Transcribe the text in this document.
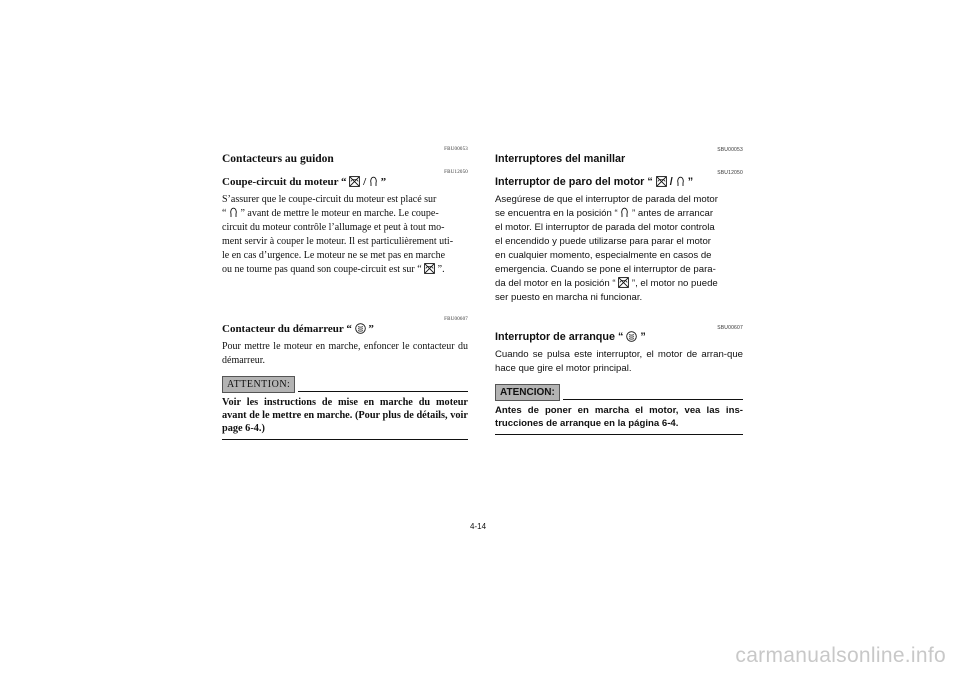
FBU00053
Contacteurs au guidon
FBU12050
Coupe-circuit du moteur “ / ”
S’assurer que le coupe-circuit du moteur est placé sur
“ ” avant de mettre le moteur en marche. Le coupe-
circuit du moteur contrôle l’allumage et peut à tout mo-
ment servir à couper le moteur. Il est particulièrement uti-
le en cas d’urgence. Le moteur ne se met pas en marche
ou ne tourne pas quand son coupe-circuit est sur “ ”.
FBU00607
Contacteur du démarreur “ ”

Pour mettre le moteur en marche, enfoncer le contacteur du démarreur.

ATTENTION:

Voir les instructions de mise en marche du moteur avant de le mettre en marche. (Pour plus de détails, voir page 6-4.)

SBU00053
Interruptores del manillar
SBU12050
Interruptor de paro del motor “ / ”
Asegúrese de que el interruptor de parada del motor
se encuentra en la posición “ ” antes de arrancar
el motor. El interruptor de parada del motor controla
el encendido y puede utilizarse para parar el motor
en cualquier momento, especialmente en casos de
emergencia. Cuando se pone el interruptor de para-
da del motor en la posición “ ”, el motor no puede
ser puesto en marcha ni funcionar.
SBU00607
Interruptor de arranque “ ”

Cuando se pulsa este interruptor, el motor de arran-que hace que gire el motor principal.

ATENCION:

Antes de poner en marcha el motor, vea las ins-trucciones de arranque en la página 6-4.

4-14
carmanualsonline.info
